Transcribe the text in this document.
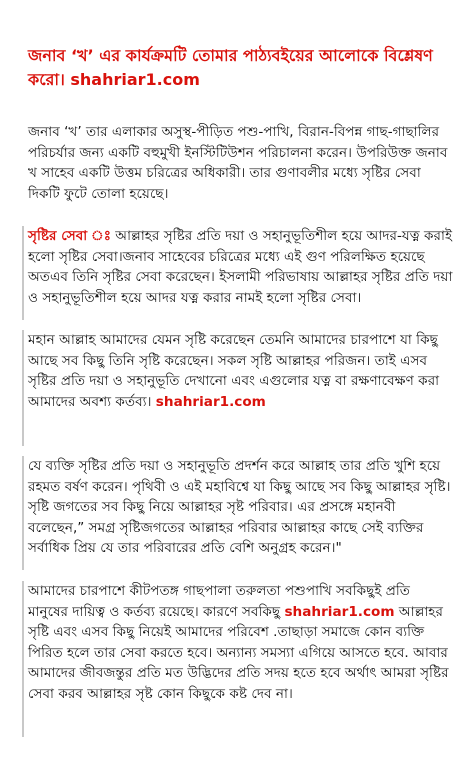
জনাব ‘খ’ এর কার্যক্রমটি তোমার পাঠ্যবইয়ের আলোকে বিশ্লেষণ করো। shahriar1.com

জনাব ‘খ’ তার এলাকার অসুস্থ-পীড়িত পশু-পাখি, বিরান-বিপন্ন গাছ-গাছালির পরিচর্যার জন্য একটি বহুমুখী ইনস্টিটিউশন পরিচালনা করেন। উপরিউক্ত জনাব খ সাহেব একটি উত্তম চরিত্রের অধিকারী। তার গুণাবলীর মধ্যে সৃষ্টির সেবা দিকটি ফুটে তোলা হয়েছে।

সৃষ্টির সেবা ঃ আল্লাহর সৃষ্টির প্রতি দয়া ও সহানুভূতিশীল হয়ে আদর-যত্ন করাই হলো সৃষ্টির সেবা।জনাব সাহেবের চরিত্রের মধ্যে এই গুণ পরিলক্ষিত হয়েছে অতএব তিনি সৃষ্টির সেবা করেছেন। ইসলামী পরিভাষায় আল্লাহর সৃষ্টির প্রতি দয়া ও সহানুভূতিশীল হয়ে আদর যত্ন করার নামই হলো সৃষ্টির সেবা।

মহান আল্লাহ আমাদের যেমন সৃষ্টি করেছেন তেমনি আমাদের চারপাশে যা কিছু আছে সব কিছু তিনি সৃষ্টি করেছেন। সকল সৃষ্টি আল্লাহর পরিজন। তাই এসব সৃষ্টির প্রতি দয়া ও সহানুভূতি দেখানো এবং এগুলোর যত্ন বা রক্ষণাবেক্ষণ করা আমাদের অবশ্য কর্তব্য। shahriar1.com

যে ব্যক্তি সৃষ্টির প্রতি দয়া ও সহানুভূতি প্রদর্শন করে আল্লাহ তার প্রতি খুশি হয়ে রহমত বর্ষণ করেন। পৃথিবী ও এই মহাবিশ্বে যা কিছু আছে সব কিছু আল্লাহর সৃষ্টি। সৃষ্টি জগতের সব কিছু নিয়ে আল্লাহর সৃষ্ট পরিবার। এর প্রসঙ্গে মহানবী বলেছেন,” সমগ্র সৃষ্টিজগতের আল্লাহর পরিবার আল্লাহর কাছে সেই ব্যক্তির সর্বাধিক প্রিয় যে তার পরিবারের প্রতি বেশি অনুগ্রহ করেন।"

আমাদের চারপাশে কীটপতঙ্গ গাছপালা তরুলতা পশুপাখি সবকিছুই প্রতি মানুষের দায়িত্ব ও কর্তব্য রয়েছে। কারণে সবকিছু shahriar1.com আল্লাহর সৃষ্টি এবং এসব কিছু নিয়েই আমাদের পরিবেশ .তাছাড়া সমাজে কোন ব্যক্তি পিরিত হলে তার সেবা করতে হবে। অন্যান্য সমস্যা এগিয়ে আসতে হবে. আবার আমাদের জীবজন্তুর প্রতি মত উদ্ভিদের প্রতি সদয় হতে হবে অর্থাৎ আমরা সৃষ্টির সেবা করব আল্লাহর সৃষ্ট কোন কিছুকে কষ্ট দেব না।
